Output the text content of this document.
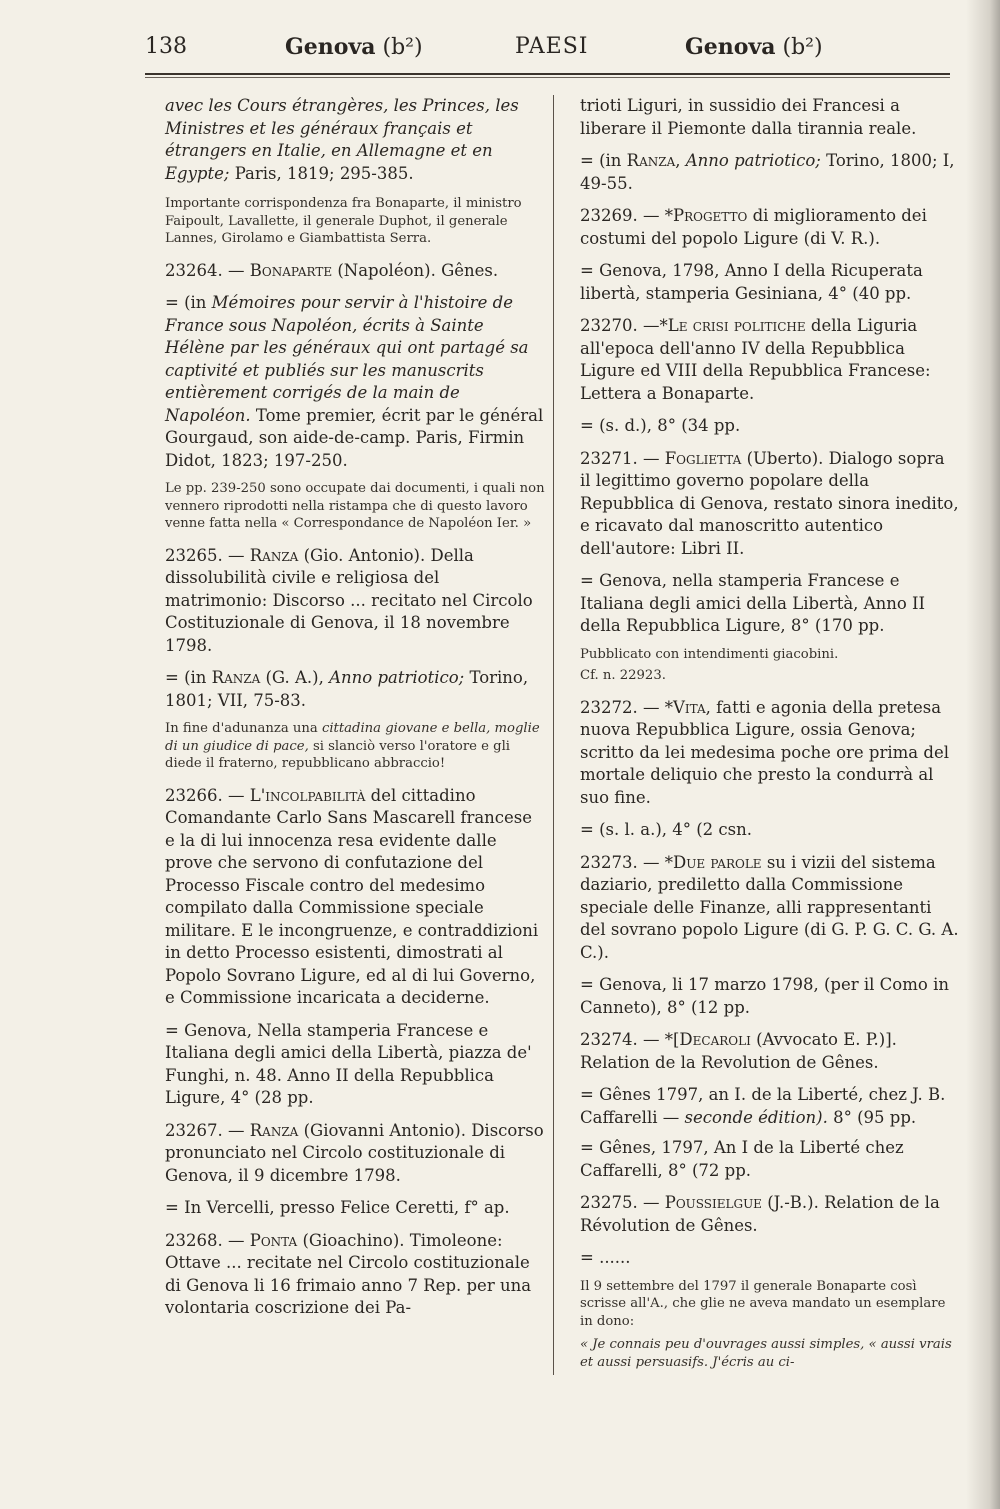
138	Genova (b²)	PAESI	Genova (b²)
avec les Cours étrangères, les Princes, les Ministres et les généraux français et étrangers en Italie, en Allemagne et en Egypte; Paris, 1819; 295-385.
Importante corrispondenza fra Bonaparte, il ministro Faipoult, Lavallette, il generale Duphot, il generale Lannes, Girolamo e Giambattista Serra.
23264. — Bonaparte (Napoléon). Gênes.
= (in Mémoires pour servir à l'histoire de France sous Napoléon, écrits à Sainte Hélène par les généraux qui ont partagé sa captivité et publiés sur les manuscrits entièrement corrigés de la main de Napoléon. Tome premier, écrit par le général Gourgaud, son aide-de-camp. Paris, Firmin Didot, 1823; 197-250.
Le pp. 239-250 sono occupate dai documenti, i quali non vennero riprodotti nella ristampa che di questo lavoro venne fatta nella « Correspondance de Napoléon Ier. »
23265. — Ranza (Gio. Antonio). Della dissolubilità civile e religiosa del matrimonio: Discorso ... recitato nel Circolo Costituzionale di Genova, il 18 novembre 1798.
= (in Ranza (G. A.), Anno patriotico; Torino, 1801; VII, 75-83.
In fine d'adunanza una cittadina giovane e bella, moglie di un giudice di pace, si slanciò verso l'oratore e gli diede il fraterno, repubblicano abbraccio!
23266. — L'incolpabilità del cittadino Comandante Carlo Sans Mascarell francese e la di lui innocenza resa evidente dalle prove che servono di confutazione del Processo Fiscale contro del medesimo compilato dalla Commissione speciale militare. E le incongruenze, e contraddizioni in detto Processo esistenti, dimostrati al Popolo Sovrano Ligure, ed al di lui Governo, e Commissione incaricata a deciderne.
= Genova, Nella stamperia Francese e Italiana degli amici della Libertà, piazza de' Funghi, n. 48. Anno II della Repubblica Ligure, 4° (28 pp.
23267. — Ranza (Giovanni Antonio). Discorso pronunciato nel Circolo costituzionale di Genova, il 9 dicembre 1798.
= In Vercelli, presso Felice Ceretti, f° ap.
23268. — Ponta (Gioachino). Timoleone: Ottave ... recitate nel Circolo costituzionale di Genova li 16 frimaio anno 7 Rep. per una volontaria coscrizione dei Pa-
trioti Liguri, in sussidio dei Francesi a liberare il Piemonte dalla tirannia reale.
= (in Ranza, Anno patriotico; Torino, 1800; I, 49-55.
23269. — *Progetto di miglioramento dei costumi del popolo Ligure (di V. R.).
= Genova, 1798, Anno I della Ricuperata libertà, stamperia Gesiniana, 4° (40 pp.
23270. —*Le crisi politiche della Liguria all'epoca dell'anno IV della Repubblica Ligure ed VIII della Repubblica Francese: Lettera a Bonaparte.
= (s. d.), 8° (34 pp.
23271. — Foglietta (Uberto). Dialogo sopra il legittimo governo popolare della Repubblica di Genova, restato sinora inedito, e ricavato dal manoscritto autentico dell'autore: Libri II.
= Genova, nella stamperia Francese e Italiana degli amici della Libertà, Anno II della Repubblica Ligure, 8° (170 pp.
Pubblicato con intendimenti giacobini.
Cf. n. 22923.
23272. — *Vita, fatti e agonia della pretesa nuova Repubblica Ligure, ossia Genova; scritto da lei medesima poche ore prima del mortale deliquio che presto la condurrà al suo fine.
= (s. l. a.), 4° (2 csn.
23273. — *Due parole su i vizii del sistema daziario, prediletto dalla Commissione speciale delle Finanze, alli rappresentanti del sovrano popolo Ligure (di G. P. G. C. G. A. C.).
= Genova, li 17 marzo 1798, (per il Como in Canneto), 8° (12 pp.
23274. — *[Decaroli (Avvocato E. P.)]. Relation de la Revolution de Gênes.
= Gênes 1797, an I. de la Liberté, chez J. B. Caffarelli — seconde édition). 8° (95 pp.
= Gênes, 1797, An I de la Liberté chez Caffarelli, 8° (72 pp.
23275. — Poussielgue (J.-B.). Relation de la Révolution de Gênes.
= ......
Il 9 settembre del 1797 il generale Bonaparte così scrisse all'A., che glie ne aveva mandato un esemplare in dono:
« Je connais peu d'ouvrages aussi simples, « aussi vrais et aussi persuasifs. J'écris au ci-
